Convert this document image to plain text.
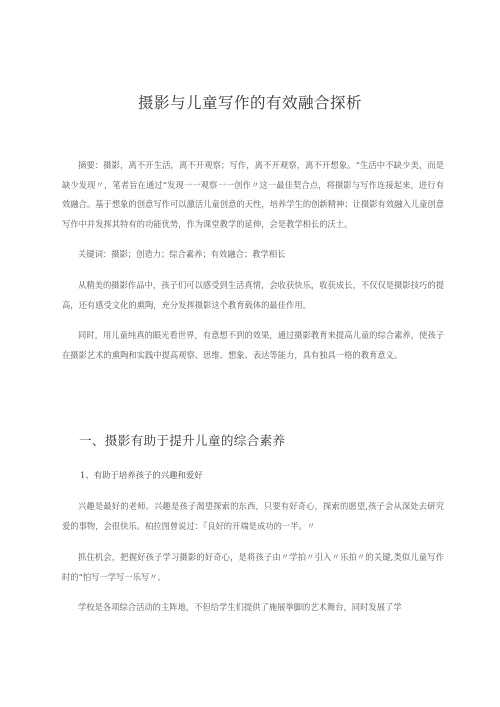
摄影与儿童写作的有效融合探析
摘要：摄影，离不开生活，离不开观察；写作，离不开观察，离不开想象。“生活中不缺少美，而是缺少发现〃，笔者旨在通过“发现一一观察一一创作〃这一最佳契合点，将摄影与写作连接起来，进行有效融合。基于想象的创意写作可以激活儿童创意的天性，培养学生的创新精神；让摄影有效融入儿童创意写作中并发挥其特有的功能优势，作为课堂教学的延伸，会是教学相长的沃土。
关键词：摄影；创造力；综合素养；有效融合；教学相长
从精美的摄影作品中，孩子们可以感受到生活真情，会收获快乐，收获成长，不仅仅是摄影技巧的提高，还有感受文化的熏陶，充分发挥摄影这个教育载体的最佳作用。
同时，用儿童纯真的眼光看世界，有意想不到的效果，通过摄影教育来提高儿童的综合素养，使孩子在摄影艺术的熏陶和实践中提高观察、思维、想象、表达等能力，具有独具一格的教育意义。
一、摄影有助于提升儿童的综合素养
1、有助于培养孩子的兴趣和爱好
兴趣是最好的老师。兴趣是孩子渴望探索的东西，只要有好奇心，探索的愿望,孩子会从深处去研究爱的事物，会很快乐。柏拉图曾说过：『良好的开端是成功的一半。〃
抓住机会，把握好孩子学习摄影的好奇心，是将孩子由〃学拍〃引入〃乐拍〃的关键,类似儿童写作时的“怕写一学写一乐写〃。
学校是各项综合活动的主阵地，不但给学生们提供了施展拳脚的艺术舞台，同时发展了学
